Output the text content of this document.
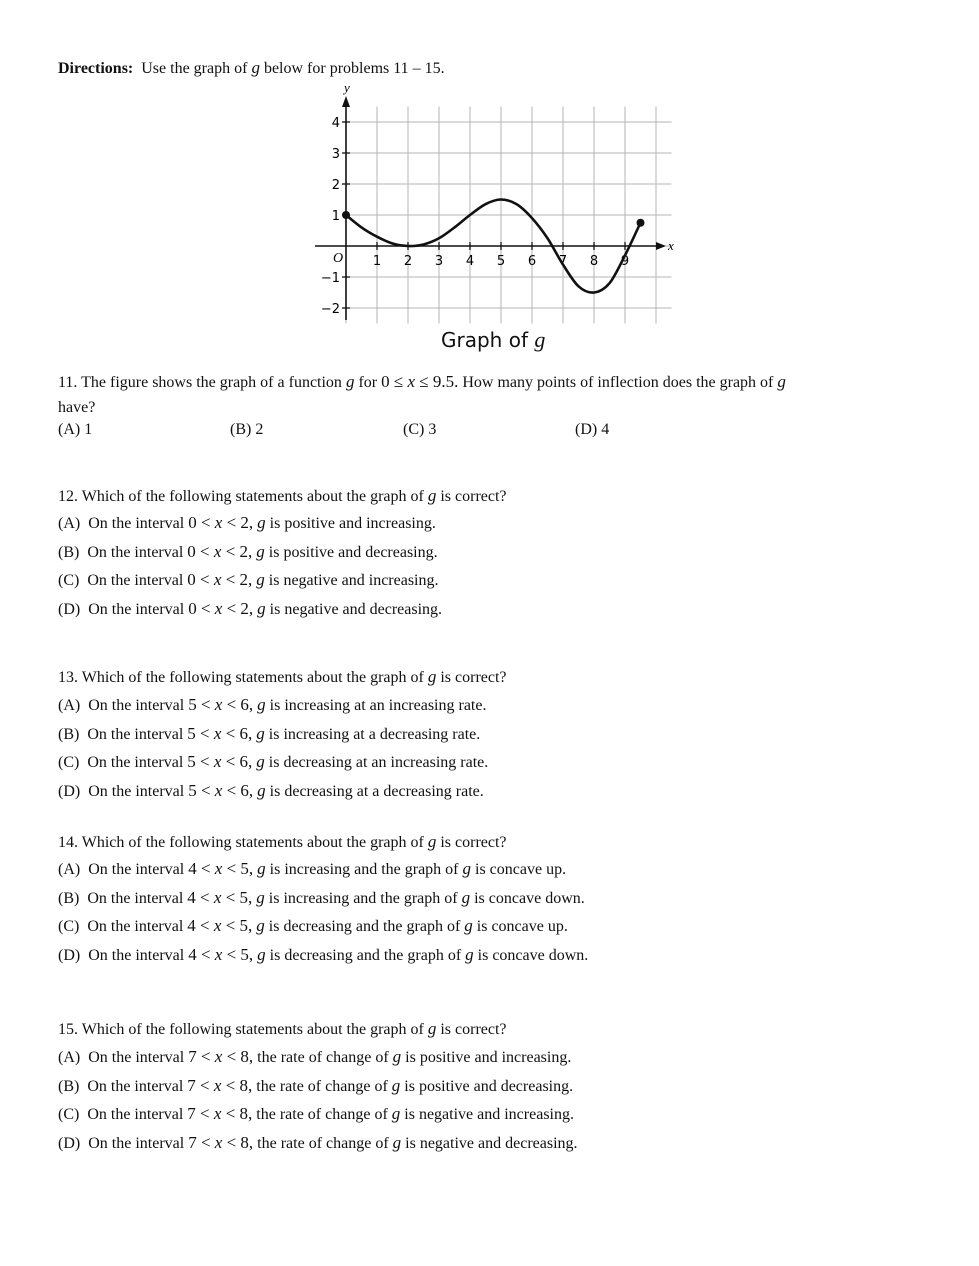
Directions: Use the graph of g below for problems 11 – 15.
y
x
O 1 2 3 4 5 6 7 8 9
4
3
2
1
−1
−2
Graph of g
11. The figure shows the graph of a function g for 0 ≤ x ≤ 9.5. How many points of inflection does the graph of g
have?
(A) 1	(B) 2	(C) 3	(D) 4
12. Which of the following statements about the graph of g is correct?
(A) On the interval 0 < x < 2, g is positive and increasing.
(B) On the interval 0 < x < 2, g is positive and decreasing.
(C) On the interval 0 < x < 2, g is negative and increasing.
(D) On the interval 0 < x < 2, g is negative and decreasing.
13. Which of the following statements about the graph of g is correct?
(A) On the interval 5 < x < 6, g is increasing at an increasing rate.
(B) On the interval 5 < x < 6, g is increasing at a decreasing rate.
(C) On the interval 5 < x < 6, g is decreasing at an increasing rate.
(D) On the interval 5 < x < 6, g is decreasing at a decreasing rate.
14. Which of the following statements about the graph of g is correct?
(A) On the interval 4 < x < 5, g is increasing and the graph of g is concave up.
(B) On the interval 4 < x < 5, g is increasing and the graph of g is concave down.
(C) On the interval 4 < x < 5, g is decreasing and the graph of g is concave up.
(D) On the interval 4 < x < 5, g is decreasing and the graph of g is concave down.
15. Which of the following statements about the graph of g is correct?
(A) On the interval 7 < x < 8, the rate of change of g is positive and increasing.
(B) On the interval 7 < x < 8, the rate of change of g is positive and decreasing.
(C) On the interval 7 < x < 8, the rate of change of g is negative and increasing.
(D) On the interval 7 < x < 8, the rate of change of g is negative and decreasing.
